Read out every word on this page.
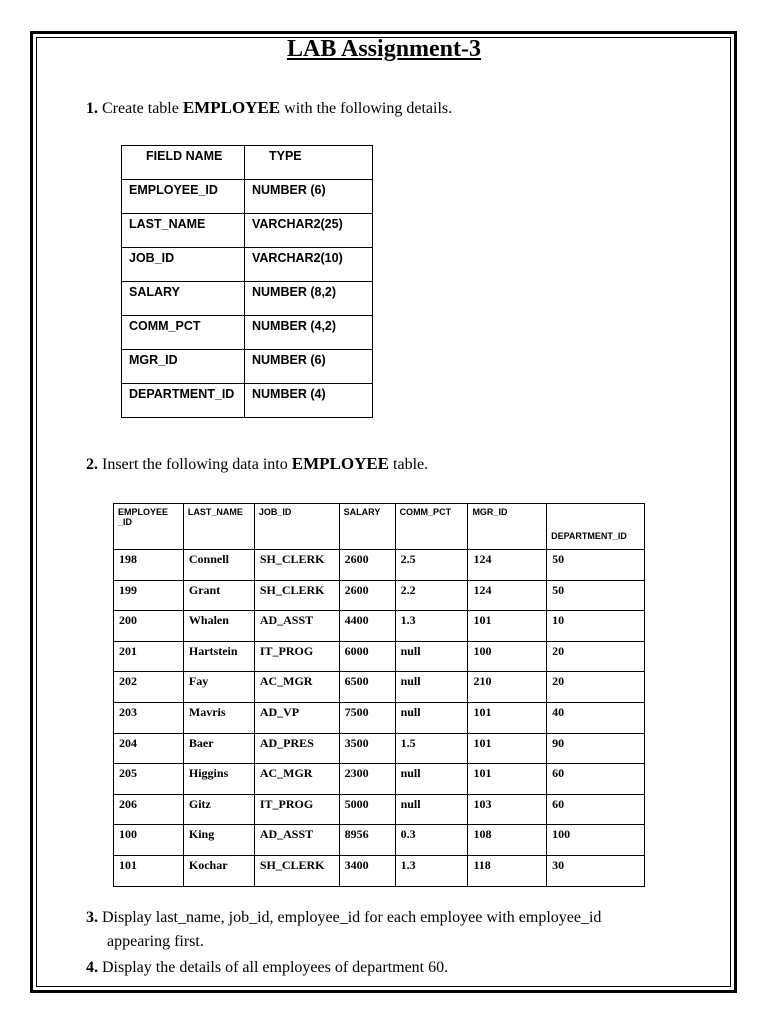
LAB Assignment-3

1. Create table EMPLOYEE with the following details.

FIELD NAME	TYPE
EMPLOYEE_ID	NUMBER (6)
LAST_NAME	VARCHAR2(25)
JOB_ID	VARCHAR2(10)
SALARY	NUMBER (8,2)
COMM_PCT	NUMBER (4,2)
MGR_ID	NUMBER (6)
DEPARTMENT_ID	NUMBER (4)

2. Insert the following data into EMPLOYEE table.

EMPLOYEE _ID	LAST_NAME	JOB_ID	SALARY	COMM_PCT	MGR_ID	DEPARTMENT_ID
198	Connell	SH_CLERK	2600	2.5	124	50
199	Grant	SH_CLERK	2600	2.2	124	50
200	Whalen	AD_ASST	4400	1.3	101	10
201	Hartstein	IT_PROG	6000	null	100	20
202	Fay	AC_MGR	6500	null	210	20
203	Mavris	AD_VP	7500	null	101	40
204	Baer	AD_PRES	3500	1.5	101	90
205	Higgins	AC_MGR	2300	null	101	60
206	Gitz	IT_PROG	5000	null	103	60
100	King	AD_ASST	8956	0.3	108	100
101	Kochar	SH_CLERK	3400	1.3	118	30

3. Display last_name, job_id, employee_id for each employee with employee_id
appearing first.

4. Display the details of all employees of department 60.
